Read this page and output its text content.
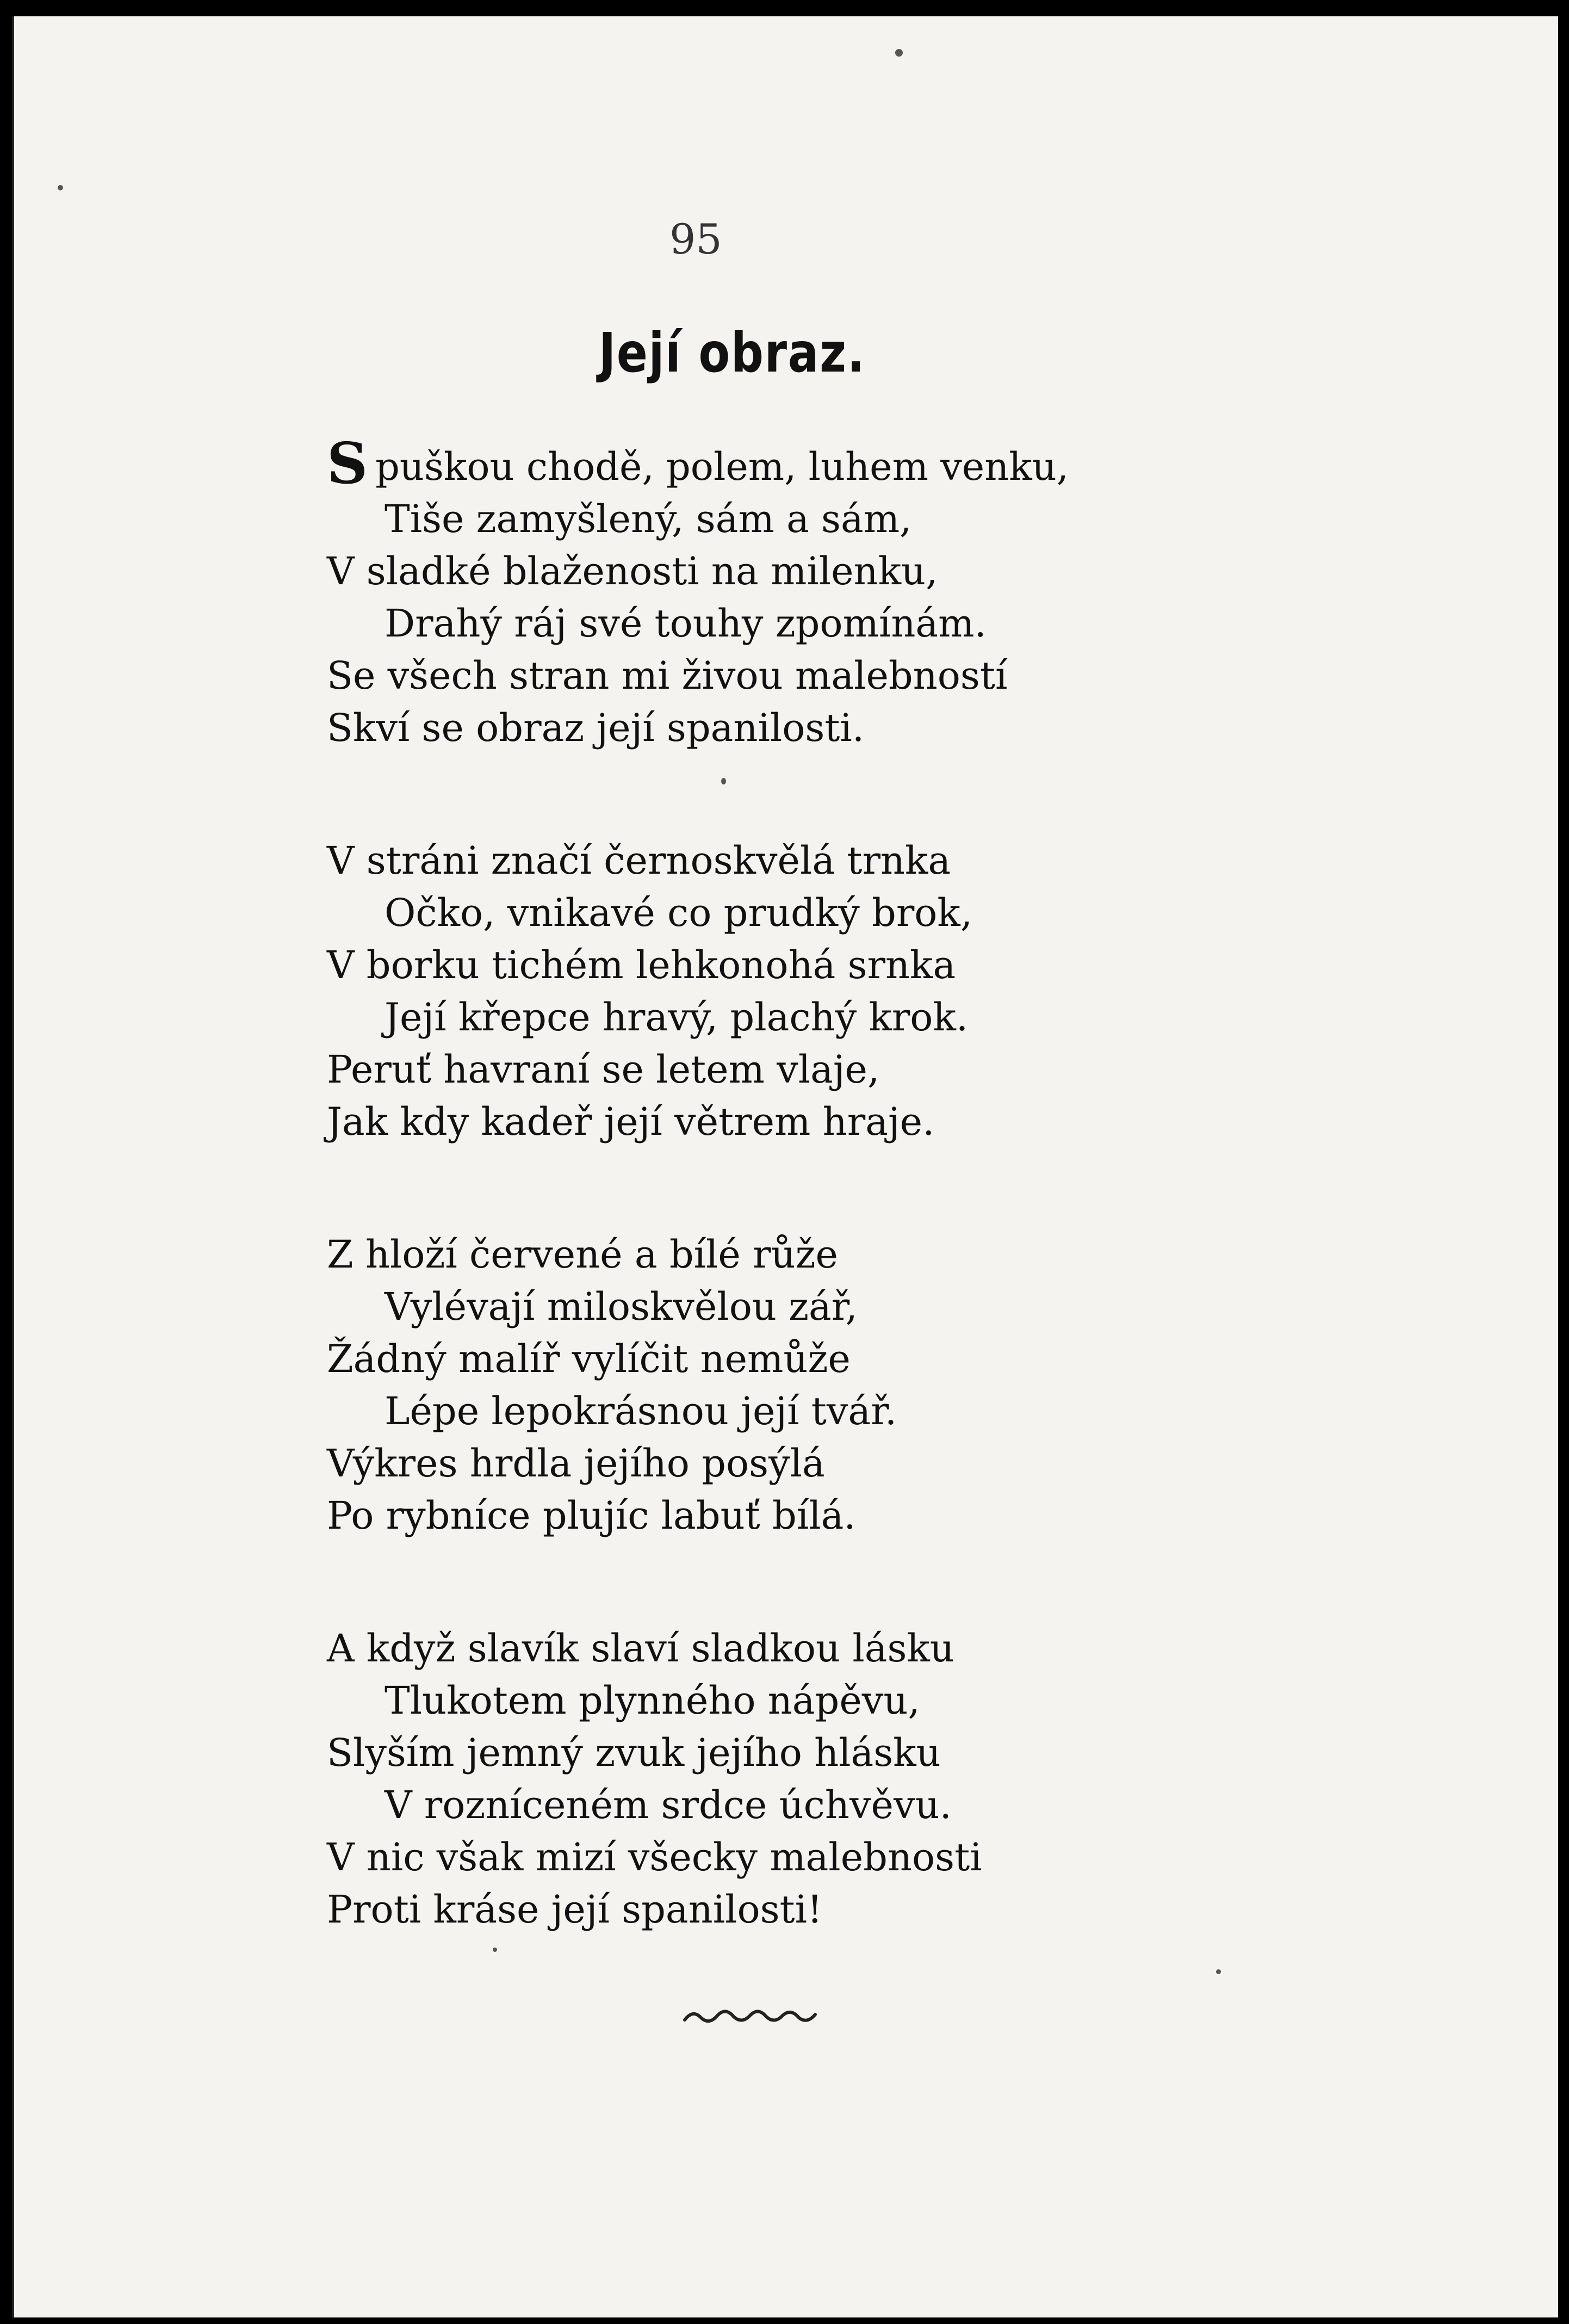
95
Její obraz.
S puškou chodě, polem, luhem venku,
Tiše zamyšlený, sám a sám,
V sladké blaženosti na milenku,
Drahý ráj své touhy zpomínám.
Se všech stran mi živou malebností
Skví se obraz její spanilosti.
V stráni značí černoskvělá trnka
Očko, vnikavé co prudký brok,
V borku tichém lehkonohá srnka
Její křepce hravý, plachý krok.
Peruť havraní se letem vlaje,
Jak kdy kadeř její větrem hraje.
Z hloží červené a bílé růže
Vylévají miloskvělou zář,
Žádný malíř vylíčit nemůže
Lépe lepokrásnou její tvář.
Výkres hrdla jejího posýlá
Po rybníce plujíc labuť bílá.
A když slavík slaví sladkou lásku
Tlukotem plynného nápěvu,
Slyším jemný zvuk jejího hlásku
V rozníceném srdce úchvěvu.
V nic však mizí všecky malebnosti
Proti kráse její spanilosti!
